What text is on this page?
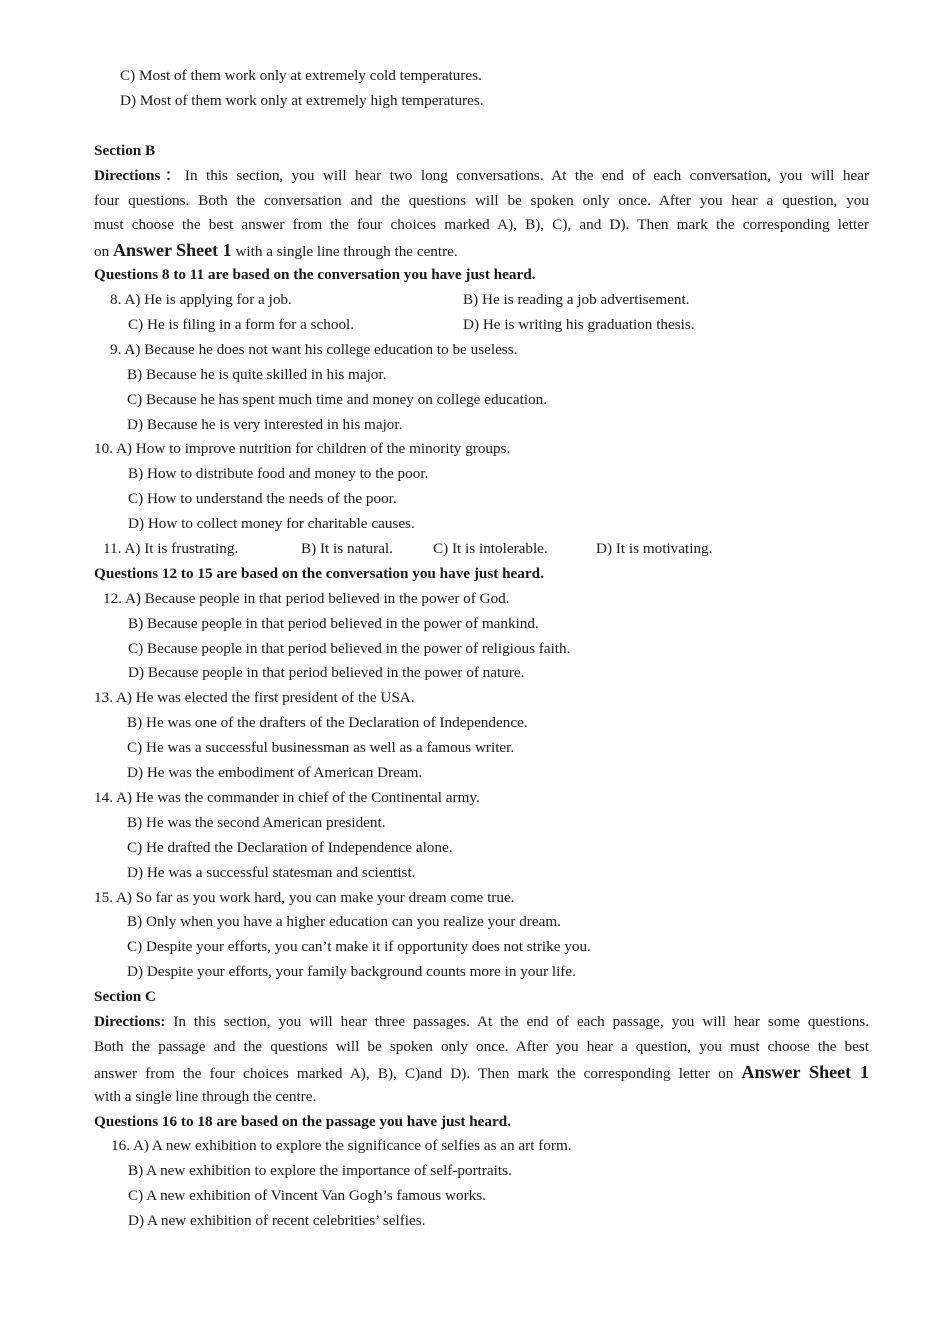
C) Most of them work only at extremely cold temperatures.
D) Most of them work only at extremely high temperatures.
Section B
Directions：In this section, you will hear two long conversations. At the end of each conversation, you will hear
four questions. Both the conversation and the questions will be spoken only once. After you hear a question, you
must choose the best answer from the four choices marked A), B), C), and D). Then mark the corresponding letter
on Answer Sheet 1 with a single line through the centre.
Questions 8 to 11 are based on the conversation you have just heard.
8. A) He is applying for a job.	B) He is reading a job advertisement.
C) He is filing in a form for a school.	D) He is writing his graduation thesis.
9. A) Because he does not want his college education to be useless.
B) Because he is quite skilled in his major.
C) Because he has spent much time and money on college education.
D) Because he is very interested in his major.
10. A) How to improve nutrition for children of the minority groups.
B) How to distribute food and money to the poor.
C) How to understand the needs of the poor.
D) How to collect money for charitable causes.
11. A) It is frustrating.	B) It is natural.	C) It is intolerable.	D) It is motivating.
Questions 12 to 15 are based on the conversation you have just heard.
12. A) Because people in that period believed in the power of God.
B) Because people in that period believed in the power of mankind.
C) Because people in that period believed in the power of religious faith.
D) Because people in that period believed in the power of nature.
13. A) He was elected the first president of the USA.
B) He was one of the drafters of the Declaration of Independence.
C) He was a successful businessman as well as a famous writer.
D) He was the embodiment of American Dream.
14. A) He was the commander in chief of the Continental army.
B) He was the second American president.
C) He drafted the Declaration of Independence alone.
D) He was a successful statesman and scientist.
15. A) So far as you work hard, you can make your dream come true.
B) Only when you have a higher education can you realize your dream.
C) Despite your efforts, you can’t make it if opportunity does not strike you.
D) Despite your efforts, your family background counts more in your life.
Section C
Directions: In this section, you will hear three passages. At the end of each passage, you will hear some questions.
Both the passage and the questions will be spoken only once. After you hear a question, you must choose the best
answer from the four choices marked A), B), C)and D). Then mark the corresponding letter on Answer Sheet 1
with a single line through the centre.
Questions 16 to 18 are based on the passage you have just heard.
16. A) A new exhibition to explore the significance of selfies as an art form.
B) A new exhibition to explore the importance of self-portraits.
C) A new exhibition of Vincent Van Gogh’s famous works.
D) A new exhibition of recent celebrities’ selfies.
